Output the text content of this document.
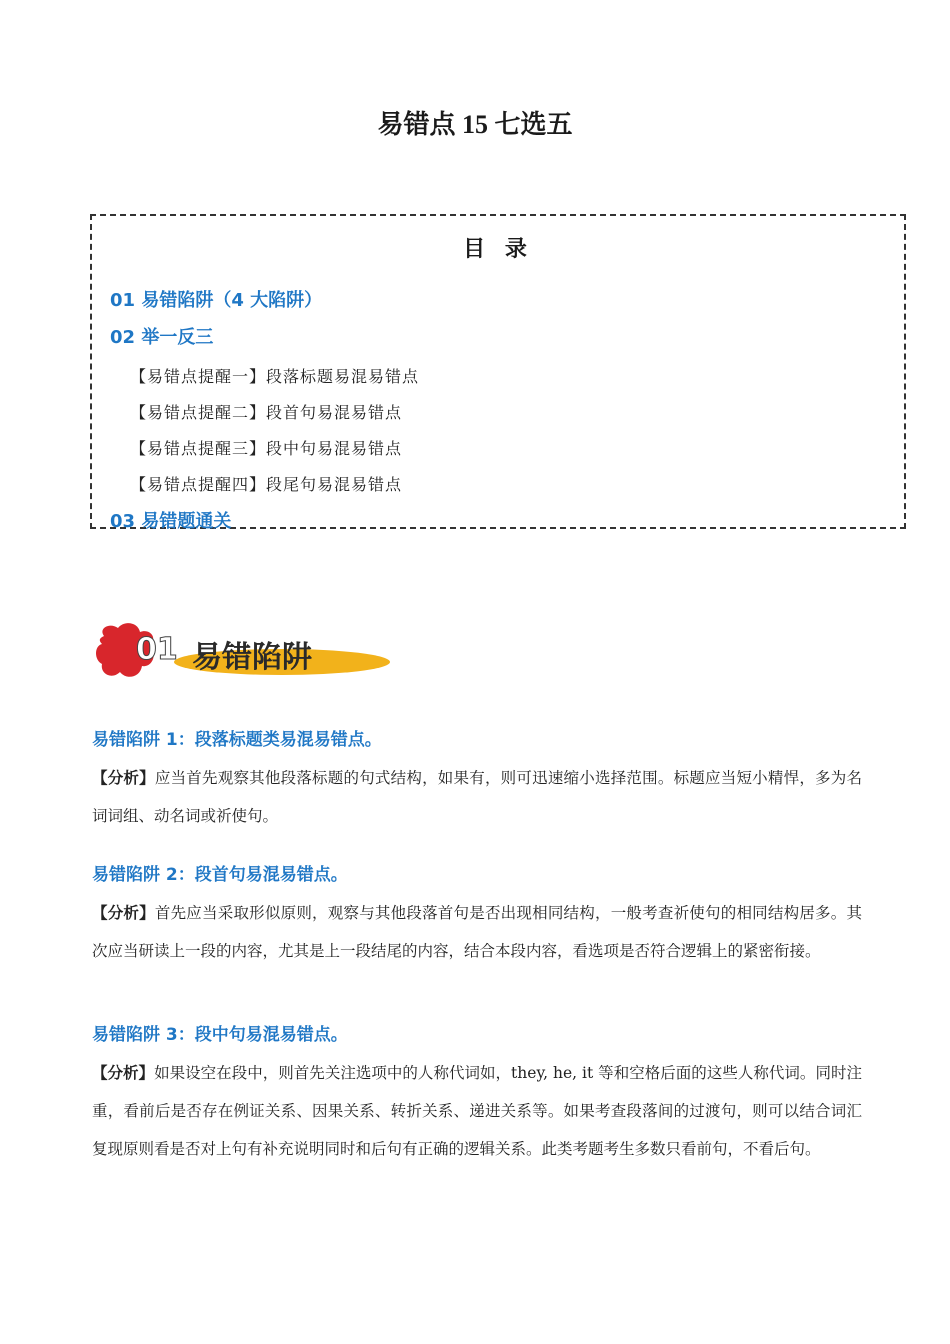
易错点 15 七选五
目 录
01 易错陷阱（4 大陷阱）
02 举一反三
【易错点提醒一】段落标题易混易错点
【易错点提醒二】段首句易混易错点
【易错点提醒三】段中句易混易错点
【易错点提醒四】段尾句易混易错点
03 易错题通关
01 易错陷阱
易错陷阱 1：段落标题类易混易错点。
【分析】应当首先观察其他段落标题的句式结构，如果有，则可迅速缩小选择范围。标题应当短小精悍，多为名词词组、动名词或祈使句。
易错陷阱 2：段首句易混易错点。
【分析】首先应当采取形似原则，观察与其他段落首句是否出现相同结构，一般考查祈使句的相同结构居多。其次应当研读上一段的内容，尤其是上一段结尾的内容，结合本段内容，看选项是否符合逻辑上的紧密衔接。
易错陷阱 3：段中句易混易错点。
【分析】如果设空在段中，则首先关注选项中的人称代词如，they, he, it 等和空格后面的这些人称代词。同时注重，看前后是否存在例证关系、因果关系、转折关系、递进关系等。如果考查段落间的过渡句，则可以结合词汇复现原则看是否对上句有补充说明同时和后句有正确的逻辑关系。此类考题考生多数只看前句，不看后句。
